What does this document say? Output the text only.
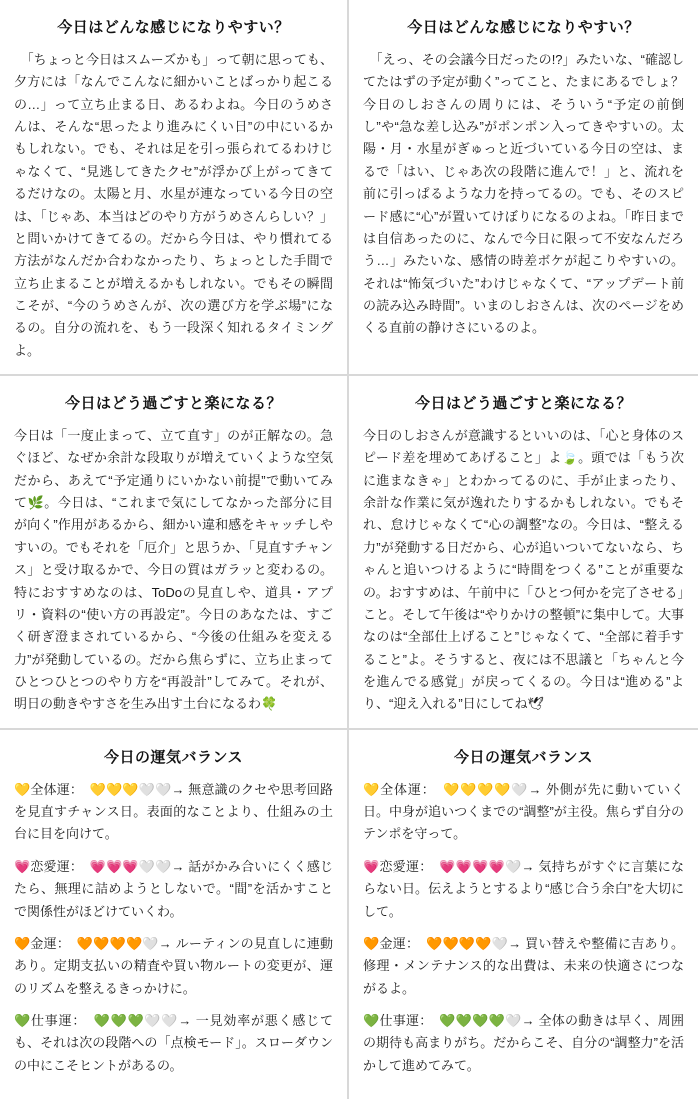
今日はどんな感じになりやすい？
　「ちょっと今日はスムーズかも」って朝に思っても、夕方には「なんでこんなに細かいことばっかり起こるの…」って立ち止まる日、あるわよね。今日のうめさんは、そんな“思ったより進みにくい日”の中にいるかもしれない。でも、それは足を引っ張られてるわけじゃなくて、“見逃してきたクセ”が浮かび上がってきてるだけなの。太陽と月、水星が連なっている今日の空は、「じゃあ、本当はどのやり方がうめさんらしい？」と問いかけてきてるの。だから今日は、やり慣れてる方法がなんだか合わなかったり、ちょっとした手間で立ち止まることが増えるかもしれない。でもその瞬間こそが、“今のうめさんが、次の選び方を学ぶ場”になるの。自分の流れを、もう一段深く知れるタイミングよ。
今日はどんな感じになりやすい？
　「えっ、その会議今日だったの!?」みたいな、“確認してたはずの予定が動く”ってこと、たまにあるでしょ？今日のしおさんの周りには、そういう“予定の前倒し”や“急な差し込み”がポンポン入ってきやすいの。太陽・月・水星がぎゅっと近づいている今日の空は、まるで「はい、じゃあ次の段階に進んで！」と、流れを前に引っぱるような力を持ってるの。でも、そのスピード感に“心”が置いてけぼりになるのよね。「昨日までは自信あったのに、なんで今日に限って不安なんだろう…」みたいな、感情の時差ボケが起こりやすいの。それは“怖気づいた”わけじゃなくて、“アップデート前の読み込み時間”。いまのしおさんは、次のページをめくる直前の静けさにいるのよ。
今日はどう過ごすと楽になる？
今日は「一度止まって、立て直す」のが正解なの。急ぐほど、なぜか余計な段取りが増えていくような空気だから、あえて“予定通りにいかない前提”で動いてみて🌿。今日は、“これまで気にしてなかった部分に目が向く”作用があるから、細かい違和感をキャッチしやすいの。でもそれを「厄介」と思うか、「見直すチャンス」と受け取るかで、今日の質はガラッと変わるの。特におすすめなのは、ToDoの見直しや、道具・アプリ・資料の“使い方の再設定”。今日のあなたは、すごく研ぎ澄まされているから、“今後の仕組みを変える力”が発動しているの。だから焦らずに、立ち止まってひとつひとつのやり方を“再設計”してみて。それが、明日の動きやすさを生み出す土台になるわ🍀
今日はどう過ごすと楽になる？
今日のしおさんが意識するといいのは、「心と身体のスピード差を埋めてあげること」よ🍃。頭では「もう次に進まなきゃ」とわかってるのに、手が止まったり、余計な作業に気が逸れたりするかもしれない。でもそれ、怠けじゃなくて“心の調整”なの。今日は、“整える力”が発動する日だから、心が追いついてないなら、ちゃんと追いつけるように“時間をつくる”ことが重要なの。おすすめは、午前中に「ひとつ何かを完了させる」こと。そして午後は“やりかけの整頓”に集中して。大事なのは“全部仕上げること”じゃなくて、“全部に着手すること”よ。そうすると、夜には不思議と「ちゃんと今を進んでる感覚」が戻ってくるの。今日は“進める”より、“迎え入れる”日にしてね🕊
今日の運気バランス
💛全体運：　💛💛💛🤍🤍→ 無意識のクセや思考回路を見直すチャンス日。表面的なことより、仕組みの土台に目を向けて。
💗恋愛運：　💗💗💗🤍🤍→ 話がかみ合いにくく感じたら、無理に詰めようとしないで。“間”を活かすことで関係性がほどけていくわ。
🧡金運：　🧡🧡🧡🧡🤍→ ルーティンの見直しに連動あり。定期支払いの精査や買い物ルートの変更が、運のリズムを整えるきっかけに。
💚仕事運：　💚💚💚🤍🤍→ 一見効率が悪く感じても、それは次の段階への「点検モード」。スローダウンの中にこそヒントがあるの。
今日の運気バランス
💛全体運：　💛💛💛💛🤍→ 外側が先に動いていく日。中身が追いつくまでの“調整”が主役。焦らず自分のテンポを守って。
💗恋愛運：　💗💗💗💗🤍→ 気持ちがすぐに言葉にならない日。伝えようとするより“感じ合う余白”を大切にして。
🧡金運：　🧡🧡🧡🧡🤍→ 買い替えや整備に吉あり。修理・メンテナンス的な出費は、未来の快適さにつながるよ。
💚仕事運：　💚💚💚💚🤍→ 全体の動きは早く、周囲の期待も高まりがち。だからこそ、自分の“調整力”を活かして進めてみて。
